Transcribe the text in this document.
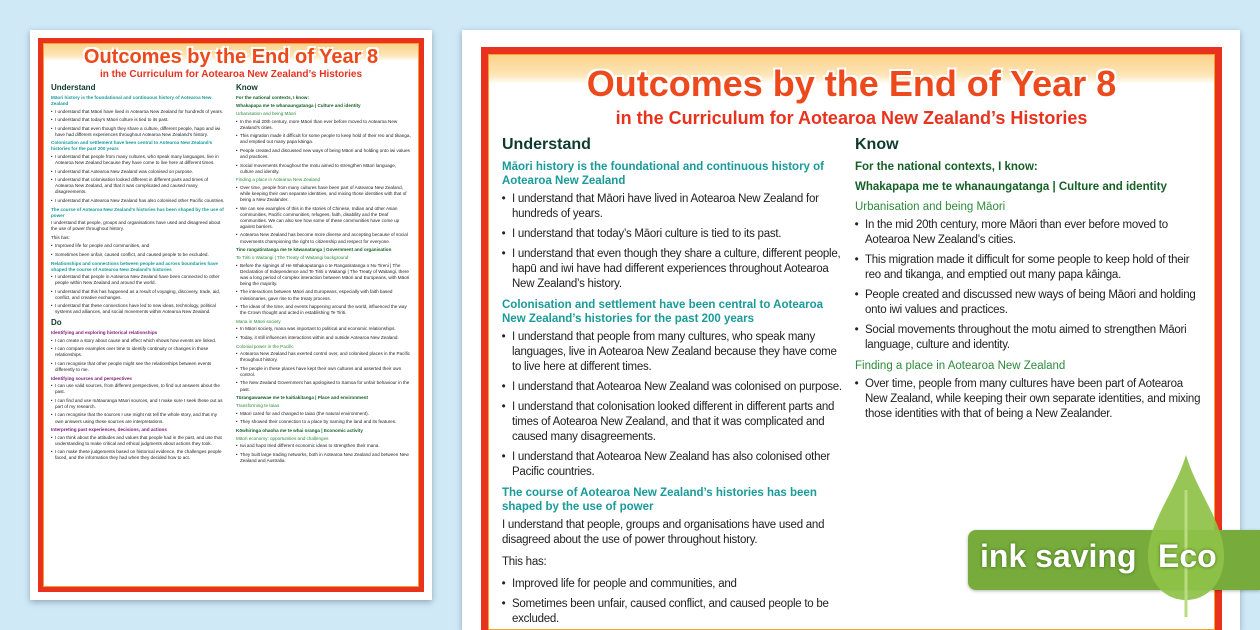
Outcomes by the End of Year 8
in the Curriculum for Aotearoa New Zealand’s Histories
Understand
Māori history is the foundational and continuous history of Aotearoa New Zealand
• I understand that Māori have lived in Aotearoa New Zealand for hundreds of years.
• I understand that today’s Māori culture is tied to its past.
• I understand that even though they share a culture, different people, hapū and iwi have had different experiences throughout Aotearoa New Zealand’s history.
Colonisation and settlement have been central to Aotearoa New Zealand’s histories for the past 200 years
• I understand that people from many cultures, who speak many languages, live in Aotearoa New Zealand because they have come to live here at different times.
• I understand that Aotearoa New Zealand was colonised on purpose.
• I understand that colonisation looked different in different parts and times of Aotearoa New Zealand, and that it was complicated and caused many disagreements.
• I understand that Aotearoa New Zealand has also colonised other Pacific countries.
The course of Aotearoa New Zealand’s histories has been shaped by the use of power

I understand that people, groups and organisations have used and disagreed about the use of power throughout history.

This has:

• Improved life for people and communities, and
• Sometimes been unfair, caused conflict, and caused people to be excluded.
Relationships and connections between people and across boundaries have shaped the course of Aotearoa New Zealand’s histories
• I understand that people in Aotearoa New Zealand have been connected to other people within New Zealand and around the world.
• I understand that this has happened as a result of voyaging, discovery, trade, aid, conflict, and creative exchanges.
• I understand that these connections have led to new ideas, technology, political systems and alliances, and social movements within Aotearoa New Zealand.
Do
Identifying and exploring historical relationships
• I can create a story about cause and effect which shows how events are linked.
• I can compare examples over time to identify continuity or changes in those relationships.
• I can recognise that other people might see the relationships between events differently to me.
Identifying sources and perspectives
• I can use valid sources, from different perspectives, to find out answers about the past.
• I can find and use mātauranga Māori sources, and I make sure I seek these out as part of my research.
• I can recognise that the sources I use might not tell the whole story, and that my own answers using these sources are interpretations.
Interpreting past experiences, decisions, and actions
• I can think about the attitudes and values that people had in the past, and use that understanding to make critical and ethical judgments about actions they took.
• I can make these judgements based on historical evidence, the challenges people faced, and the information they had when they decided how to act.
Know
For the national contexts, I know:
Whakapapa me te whanaungatanga | Culture and identity
Urbanisation and being Māori
• In the mid 20th century, more Māori than ever before moved to Aotearoa New Zealand’s cities.
• This migration made it difficult for some people to keep hold of their reo and tikanga, and emptied out many papa kāinga.
• People created and discussed new ways of being Māori and holding onto iwi values and practices.
• Social movements throughout the motu aimed to strengthen Māori language, culture and identity.
Finding a place in Aotearoa New Zealand
• Over time, people from many cultures have been part of Aotearoa New Zealand, while keeping their own separate identities, and mixing those identities with that of being a New Zealander.
• We can see examples of this in the stories of Chinese, Indian and other Asian communities, Pacific communities, refugees, faith, disability and the Deaf communities. We can also see how some of these communities have come up against barriers.
• Aotearoa New Zealand has become more diverse and accepting because of social movements championing the right to citizenship and respect for everyone.
Tino rangatiratanga me te kāwanatanga | Government and organisation
Te Tiriti o Waitangi | The Treaty of Waitangi background
• Before the signings of He Whakaputanga o te Rangatiratanga o Nu Tireni | The Declaration of Independence and Te Tiriti o Waitangi | The Treaty of Waitangi, there was a long period of complex interaction between Māori and Europeans, with Māori being the majority.
• The interactions between Māori and Europeans, especially with faith based missionaries, gave rise to the treaty process.
• The ideas of the time, and events happening around the world, influenced the way the Crown thought and acted in establishing Te Tiriti.
Mana in Māori society
• In Māori society, mana was important to political and economic relationships.
• Today, it still influences interactions within and outside Aotearoa New Zealand.
Colonial power in the Pacific
• Aotearoa New Zealand has exerted control over, and colonised places in the Pacific throughout history.
• The people in these places have kept their own cultures and asserted their own control.
• The New Zealand Government has apologised to Samoa for unfair behaviour in the past.
Tūrangawaewae me te kaitiakitanga | Place and environment
Transforming te taiao
• Māori cared for and changed te taiao (the natural environment).
• They showed their connection to a place by naming the land and its features.
Kōwhiringa ohaoha me te whai oranga | Economic activity
Māori economy: opportunities and challenges
• Iwi and hapū tried different economic ideas to strengthen their mana.
• They built large trading networks, both in Aotearoa New Zealand and between New Zealand and Australia.
Outcomes by the End of Year 8
in the Curriculum for Aotearoa New Zealand’s Histories
Understand
Māori history is the foundational and continuous history of Aotearoa New Zealand
• I understand that Māori have lived in Aotearoa New Zealand for hundreds of years.
• I understand that today’s Māori culture is tied to its past.
• I understand that even though they share a culture, different people, hapū and iwi have had different experiences throughout Aotearoa New Zealand’s history.
Colonisation and settlement have been central to Aotearoa New Zealand’s histories for the past 200 years
• I understand that people from many cultures, who speak many languages, live in Aotearoa New Zealand because they have come to live here at different times.
• I understand that Aotearoa New Zealand was colonised on purpose.
• I understand that colonisation looked different in different parts and times of Aotearoa New Zealand, and that it was complicated and caused many disagreements.
• I understand that Aotearoa New Zealand has also colonised other Pacific countries.
The course of Aotearoa New Zealand’s histories has been shaped by the use of power

I understand that people, groups and organisations have used and disagreed about the use of power throughout history.

This has:

• Improved life for people and communities, and
• Sometimes been unfair, caused conflict, and caused people to be excluded.
Know
For the national contexts, I know:
Whakapapa me te whanaungatanga | Culture and identity
Urbanisation and being Māori
• In the mid 20th century, more Māori than ever before moved to Aotearoa New Zealand’s cities.
• This migration made it difficult for some people to keep hold of their reo and tikanga, and emptied out many papa kāinga.
• People created and discussed new ways of being Māori and holding onto iwi values and practices.
• Social movements throughout the motu aimed to strengthen Māori language, culture and identity.
Finding a place in Aotearoa New Zealand
• Over time, people from many cultures have been part of Aotearoa New Zealand, while keeping their own separate identities, and mixing those identities with that of being a New Zealander.
ink saving Eco
